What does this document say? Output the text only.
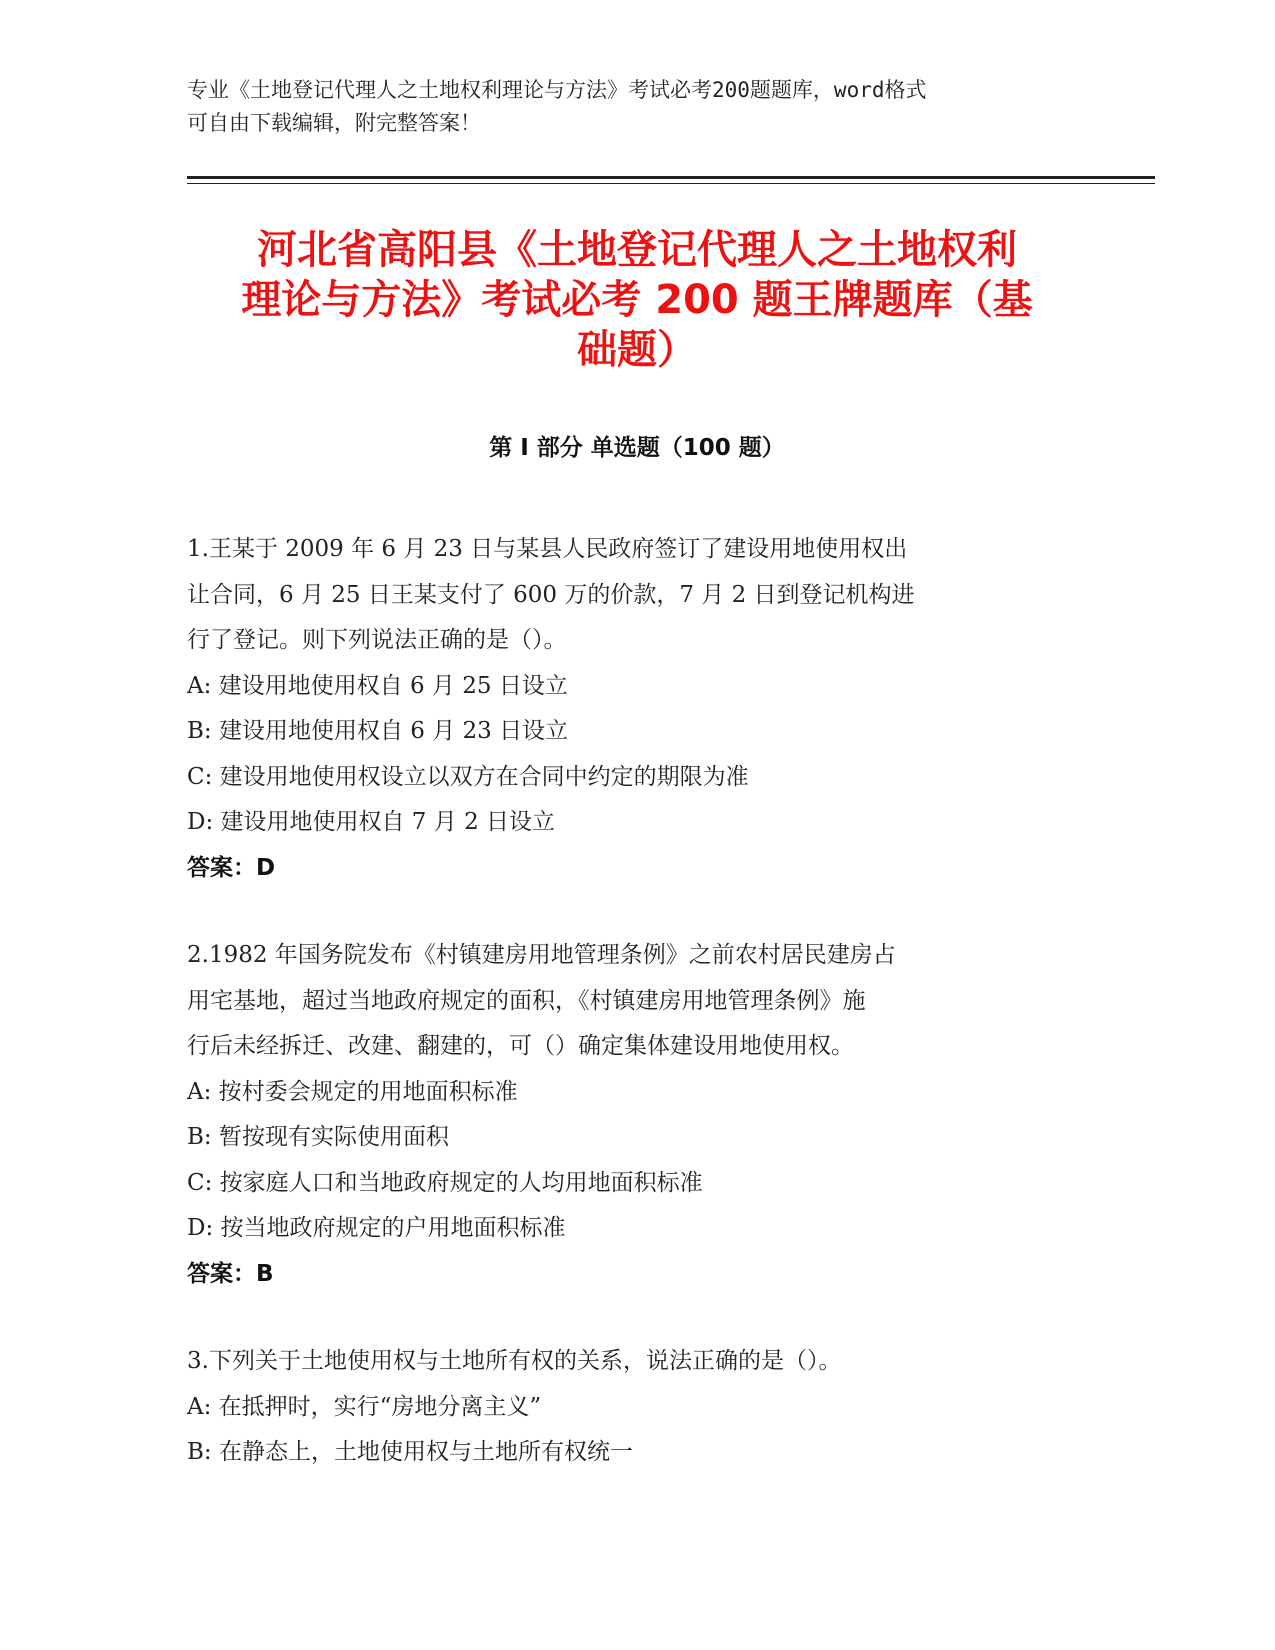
专业《土地登记代理人之土地权利理论与方法》考试必考200题题库，word格式
可自由下载编辑，附完整答案！
河北省高阳县《土地登记代理人之土地权利
理论与方法》考试必考 200 题王牌题库（基
础题）
第 I 部分 单选题（100 题）
1.王某于 2009 年 6 月 23 日与某县人民政府签订了建设用地使用权出
让合同，6 月 25 日王某支付了 600 万的价款，7 月 2 日到登记机构进
行了登记。则下列说法正确的是（）。
A: 建设用地使用权自 6 月 25 日设立
B: 建设用地使用权自 6 月 23 日设立
C: 建设用地使用权设立以双方在合同中约定的期限为准
D: 建设用地使用权自 7 月 2 日设立
答案：D
2.1982 年国务院发布《村镇建房用地管理条例》之前农村居民建房占
用宅基地，超过当地政府规定的面积，《村镇建房用地管理条例》施
行后未经拆迁、改建、翻建的，可（）确定集体建设用地使用权。
A: 按村委会规定的用地面积标准
B: 暂按现有实际使用面积
C: 按家庭人口和当地政府规定的人均用地面积标准
D: 按当地政府规定的户用地面积标准
答案：B
3.下列关于土地使用权与土地所有权的关系，说法正确的是（）。
A: 在抵押时，实行“房地分离主义”
B: 在静态上，土地使用权与土地所有权统一
